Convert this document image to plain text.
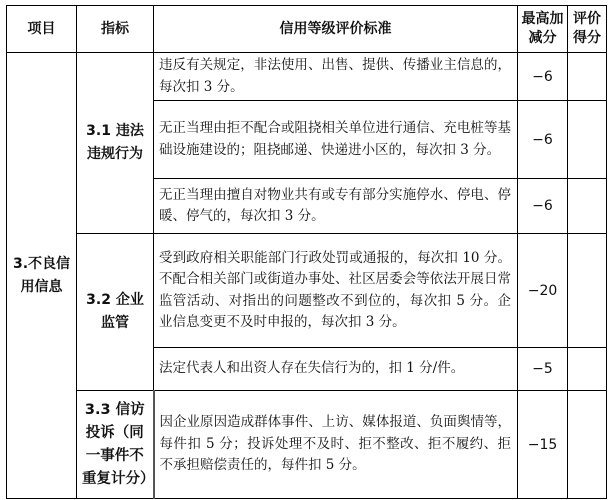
项目	指标	信用等级评价标准	最高加减分	评价得分
3.不良信用信息	3.1 违法违规行为	违反有关规定，非法使用、出售、提供、传播业主信息的，每次扣 3 分。	−6	
		无正当理由拒不配合或阻挠相关单位进行通信、充电桩等基础设施建设的；阻挠邮递、快递进小区的，每次扣 3 分。	−6	
		无正当理由擅自对物业共有或专有部分实施停水、停电、停暖、停气的，每次扣 3 分。	−6	
	3.2 企业监管	受到政府相关职能部门行政处罚或通报的，每次扣 10 分。不配合相关部门或街道办事处、社区居委会等依法开展日常监管活动、对指出的问题整改不到位的，每次扣 5 分。企业信息变更不及时申报的，每次扣 3 分。	−20	
		法定代表人和出资人存在失信行为的，扣 1 分/件。	−5	
	3.3 信访投诉（同一事件不重复计分）	因企业原因造成群体事件、上访、媒体报道、负面舆情等，每件扣 5 分；投诉处理不及时、拒不整改、拒不履约、拒不承担赔偿责任的，每件扣 5 分。	−15	
